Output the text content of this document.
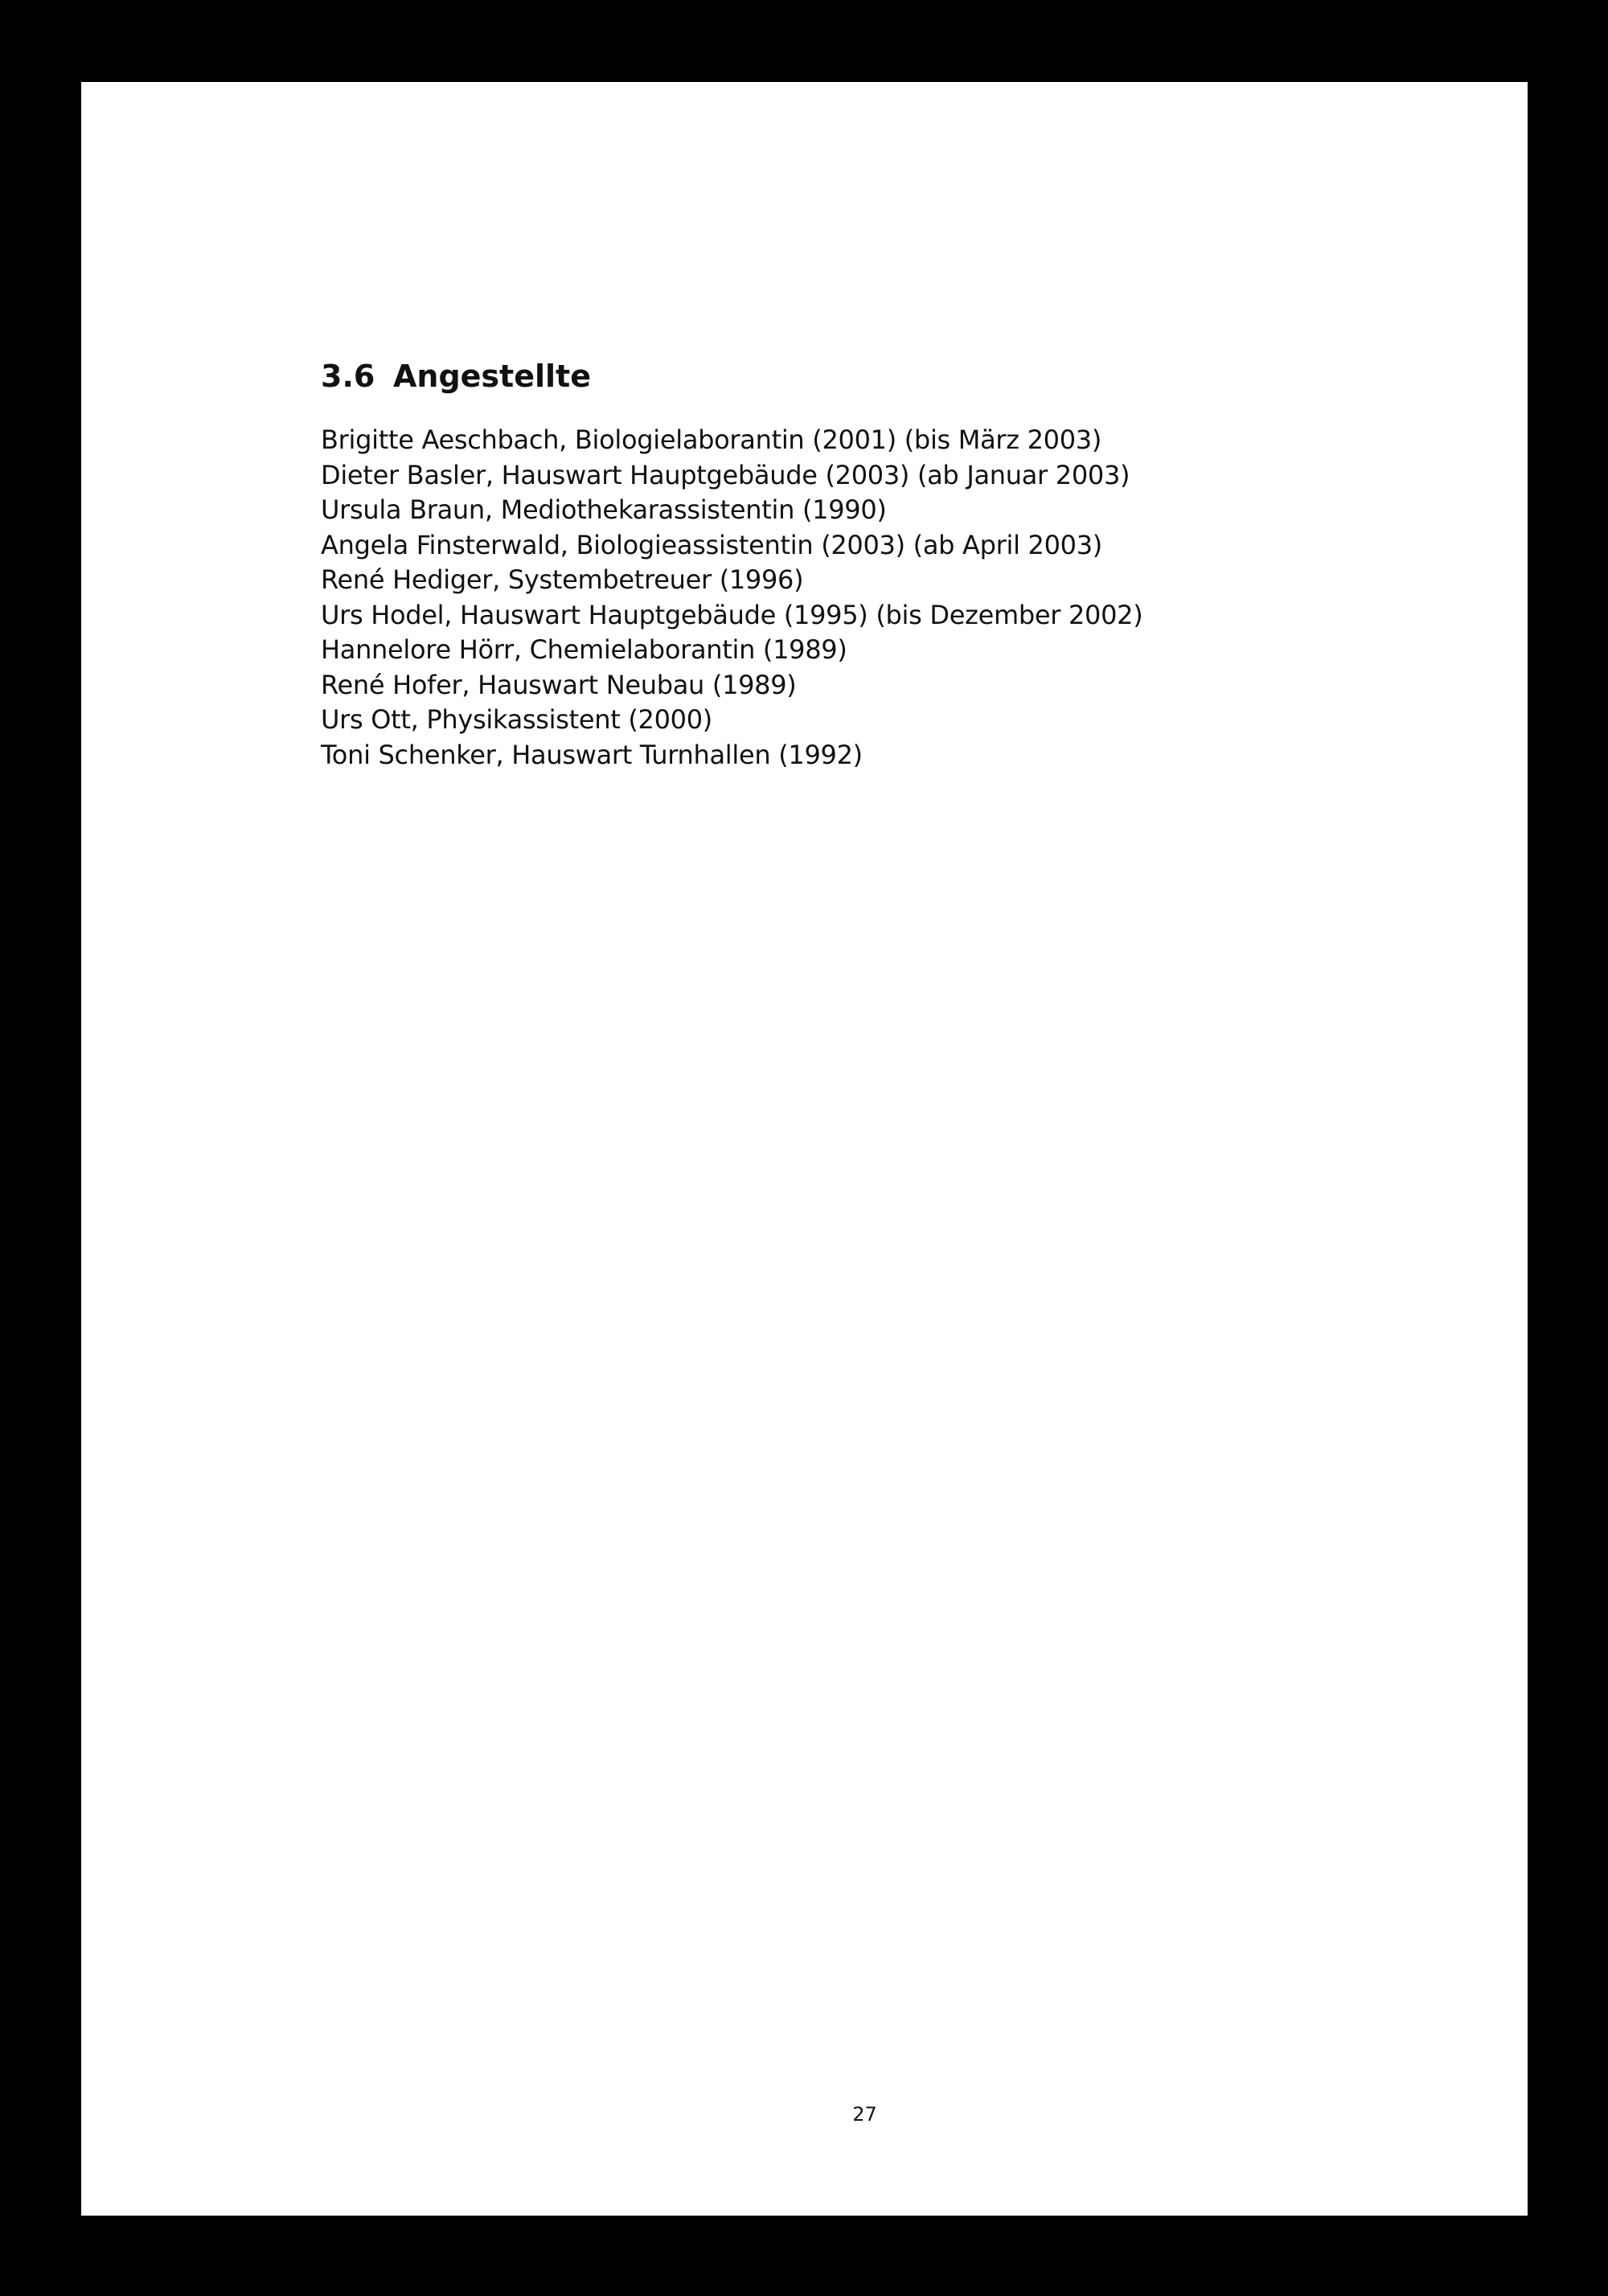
3.6 Angestellte
Brigitte Aeschbach, Biologielaborantin (2001) (bis März 2003)
Dieter Basler, Hauswart Hauptgebäude (2003) (ab Januar 2003)
Ursula Braun, Mediothekarassistentin (1990)
Angela Finsterwald, Biologieassistentin (2003) (ab April 2003)
René Hediger, Systembetreuer (1996)
Urs Hodel, Hauswart Hauptgebäude (1995) (bis Dezember 2002)
Hannelore Hörr, Chemielaborantin (1989)
René Hofer, Hauswart Neubau (1989)
Urs Ott, Physikassistent (2000)
Toni Schenker, Hauswart Turnhallen (1992)
27
